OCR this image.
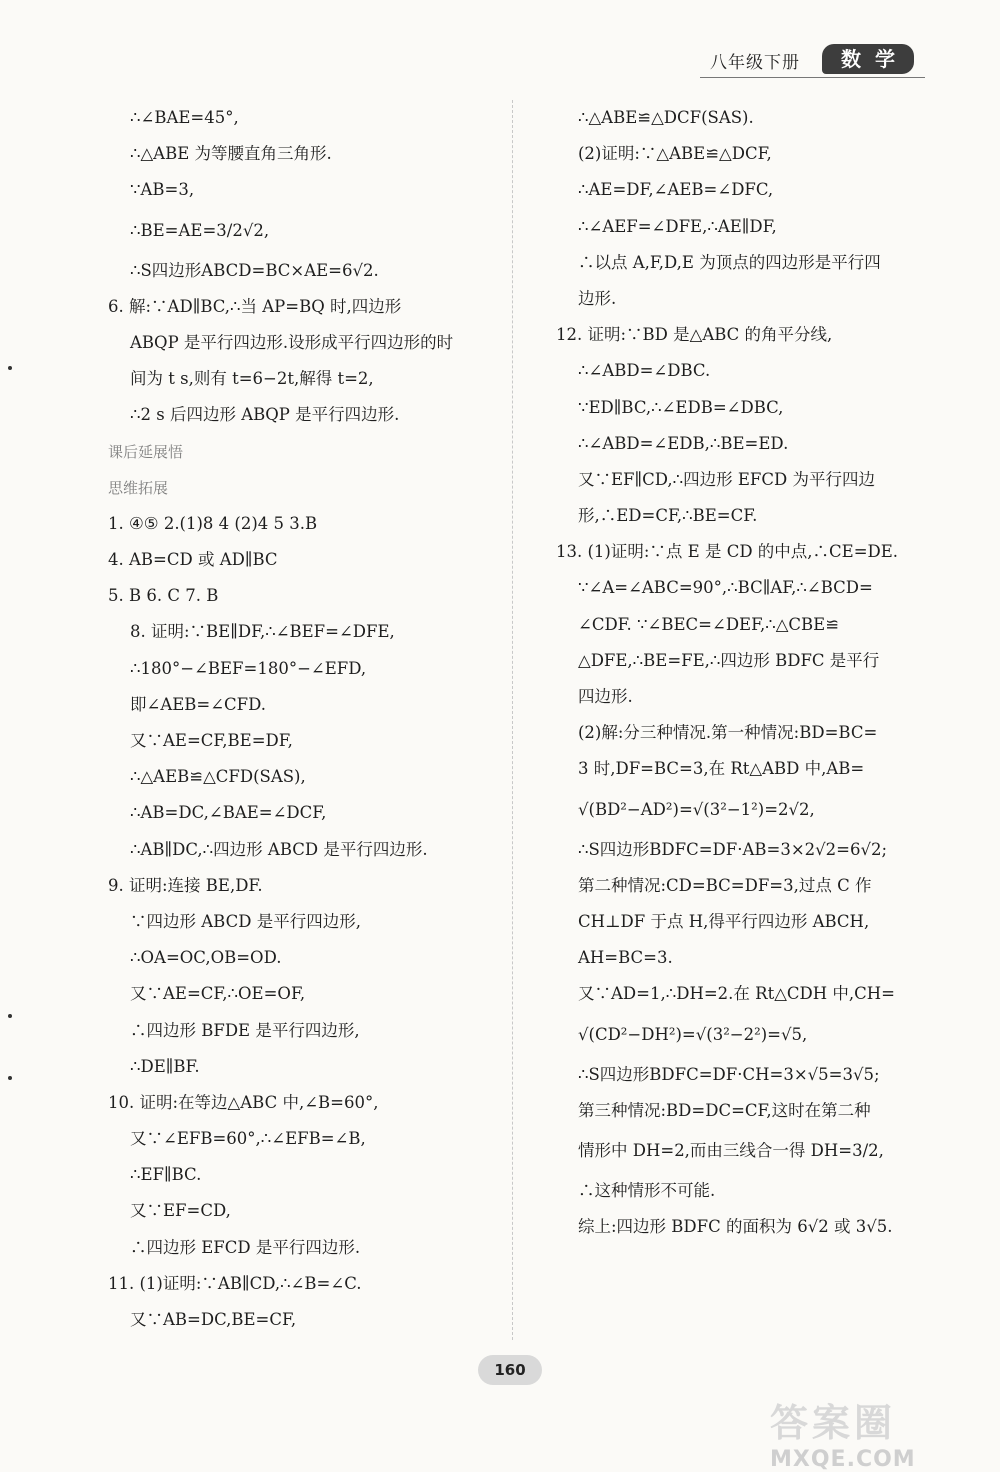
八年级下册	数学
∴∠BAE=45°,
∴△ABE 为等腰直角三角形.
∵AB=3,
∴BE=AE=3/2√2,
∴S四边形ABCD=BC×AE=6√2.
6. 解:∵AD∥BC,∴当 AP=BQ 时,四边形
ABQP 是平行四边形.设形成平行四边形的时
间为 t s,则有 t=6−2t,解得 t=2,
∴2 s 后四边形 ABQP 是平行四边形.
课后延展悟
思维拓展
1. ④⑤ 2.(1)8 4 (2)4 5 3.B
4. AB=CD 或 AD∥BC
5. B 6. C 7. B
8. 证明:∵BE∥DF,∴∠BEF=∠DFE,
∴180°−∠BEF=180°−∠EFD,
即∠AEB=∠CFD.
又∵AE=CF,BE=DF,
∴△AEB≌△CFD(SAS),
∴AB=DC,∠BAE=∠DCF,
∴AB∥DC,∴四边形 ABCD 是平行四边形.
9. 证明:连接 BE,DF.
∵四边形 ABCD 是平行四边形,
∴OA=OC,OB=OD.
又∵AE=CF,∴OE=OF,
∴四边形 BFDE 是平行四边形,
∴DE∥BF.
10. 证明:在等边△ABC 中,∠B=60°,
又∵∠EFB=60°,∴∠EFB=∠B,
∴EF∥BC.
又∵EF=CD,
∴四边形 EFCD 是平行四边形.
11. (1)证明:∵AB∥CD,∴∠B=∠C.
又∵AB=DC,BE=CF,
∴△ABE≌△DCF(SAS).
(2)证明:∵△ABE≌△DCF,
∴AE=DF,∠AEB=∠DFC,
∴∠AEF=∠DFE,∴AE∥DF,
∴以点 A,F,D,E 为顶点的四边形是平行四
边形.
12. 证明:∵BD 是△ABC 的角平分线,
∴∠ABD=∠DBC.
∵ED∥BC,∴∠EDB=∠DBC,
∴∠ABD=∠EDB,∴BE=ED.
又∵EF∥CD,∴四边形 EFCD 为平行四边
形,∴ED=CF,∴BE=CF.
13. (1)证明:∵点 E 是 CD 的中点,∴CE=DE.
∵∠A=∠ABC=90°,∴BC∥AF,∴∠BCD=
∠CDF. ∵∠BEC=∠DEF,∴△CBE≌
△DFE,∴BE=FE,∴四边形 BDFC 是平行
四边形.
(2)解:分三种情况.第一种情况:BD=BC=
3 时,DF=BC=3,在 Rt△ABD 中,AB=
√(BD²−AD²)=√(3²−1²)=2√2,
∴S四边形BDFC=DF·AB=3×2√2=6√2;
第二种情况:CD=BC=DF=3,过点 C 作
CH⊥DF 于点 H,得平行四边形 ABCH,
AH=BC=3.
又∵AD=1,∴DH=2.在 Rt△CDH 中,CH=
√(CD²−DH²)=√(3²−2²)=√5,
∴S四边形BDFC=DF·CH=3×√5=3√5;
第三种情况:BD=DC=CF,这时在第二种
情形中 DH=2,而由三线合一得 DH=3/2,
∴这种情形不可能.
综上:四边形 BDFC 的面积为 6√2 或 3√5.
160
答案圈
MXQE.COM
